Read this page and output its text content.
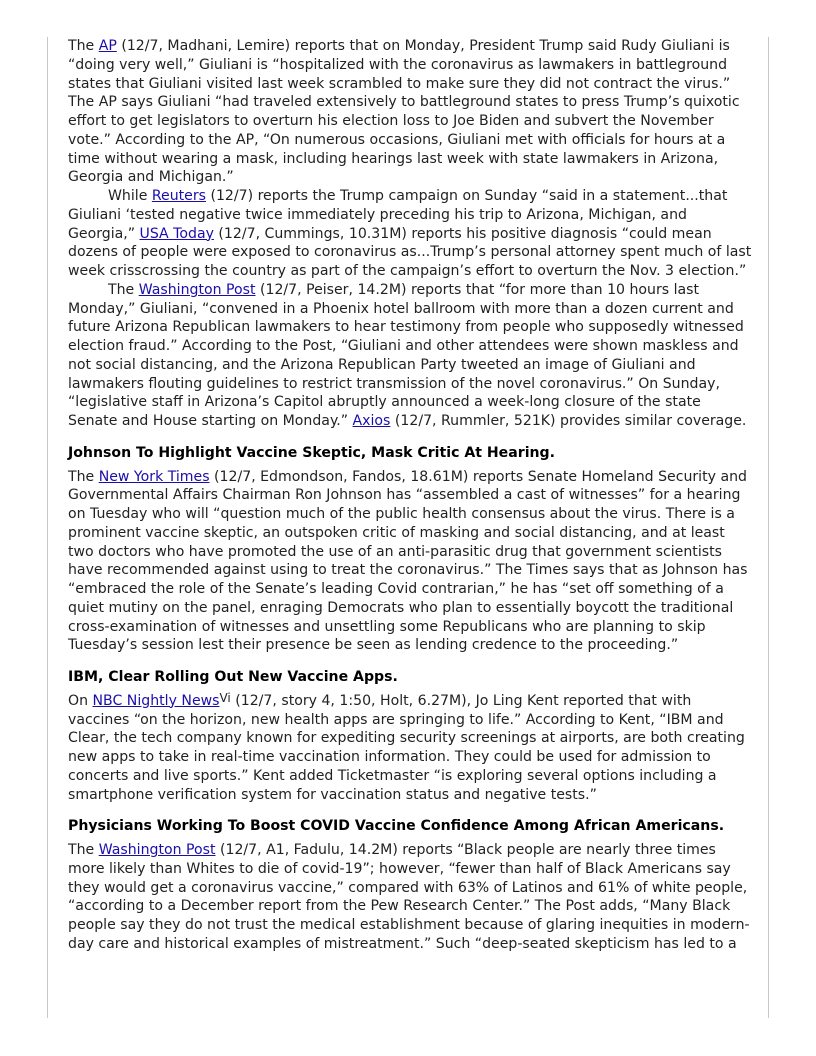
The AP (12/7, Madhani, Lemire) reports that on Monday, President Trump said Rudy Giuliani is “doing very well,” Giuliani is “hospitalized with the coronavirus as lawmakers in battleground states that Giuliani visited last week scrambled to make sure they did not contract the virus.” The AP says Giuliani “had traveled extensively to battleground states to press Trump’s quixotic effort to get legislators to overturn his election loss to Joe Biden and subvert the November vote.” According to the AP, “On numerous occasions, Giuliani met with officials for hours at a time without wearing a mask, including hearings last week with state lawmakers in Arizona, Georgia and Michigan.”

While Reuters (12/7) reports the Trump campaign on Sunday “said in a statement...that Giuliani ‘tested negative twice immediately preceding his trip to Arizona, Michigan, and Georgia,” USA Today (12/7, Cummings, 10.31M) reports his positive diagnosis “could mean dozens of people were exposed to coronavirus as...Trump’s personal attorney spent much of last week crisscrossing the country as part of the campaign’s effort to overturn the Nov. 3 election.”

The Washington Post (12/7, Peiser, 14.2M) reports that “for more than 10 hours last Monday,” Giuliani, “convened in a Phoenix hotel ballroom with more than a dozen current and future Arizona Republican lawmakers to hear testimony from people who supposedly witnessed election fraud.” According to the Post, “Giuliani and other attendees were shown maskless and not social distancing, and the Arizona Republican Party tweeted an image of Giuliani and lawmakers flouting guidelines to restrict transmission of the novel coronavirus.” On Sunday, “legislative staff in Arizona’s Capitol abruptly announced a week-long closure of the state Senate and House starting on Monday.” Axios (12/7, Rummler, 521K) provides similar coverage.

Johnson To Highlight Vaccine Skeptic, Mask Critic At Hearing.

The New York Times (12/7, Edmondson, Fandos, 18.61M) reports Senate Homeland Security and Governmental Affairs Chairman Ron Johnson has “assembled a cast of witnesses” for a hearing on Tuesday who will “question much of the public health consensus about the virus. There is a prominent vaccine skeptic, an outspoken critic of masking and social distancing, and at least two doctors who have promoted the use of an anti-parasitic drug that government scientists have recommended against using to treat the coronavirus.” The Times says that as Johnson has “embraced the role of the Senate’s leading Covid contrarian,” he has “set off something of a quiet mutiny on the panel, enraging Democrats who plan to essentially boycott the traditional cross-examination of witnesses and unsettling some Republicans who are planning to skip Tuesday’s session lest their presence be seen as lending credence to the proceeding.”

IBM, Clear Rolling Out New Vaccine Apps.

On NBC Nightly News$^{Vi}$ (12/7, story 4, 1:50, Holt, 6.27M), Jo Ling Kent reported that with vaccines “on the horizon, new health apps are springing to life.” According to Kent, “IBM and Clear, the tech company known for expediting security screenings at airports, are both creating new apps to take in real-time vaccination information. They could be used for admission to concerts and live sports.” Kent added Ticketmaster “is exploring several options including a smartphone verification system for vaccination status and negative tests.”

Physicians Working To Boost COVID Vaccine Confidence Among African Americans.

The Washington Post (12/7, A1, Fadulu, 14.2M) reports “Black people are nearly three times more likely than Whites to die of covid-19”; however, “fewer than half of Black Americans say they would get a coronavirus vaccine,” compared with 63% of Latinos and 61% of white people, “according to a December report from the Pew Research Center.” The Post adds, “Many Black people say they do not trust the medical establishment because of glaring inequities in modern-day care and historical examples of mistreatment.” Such “deep-seated skepticism has led to a
